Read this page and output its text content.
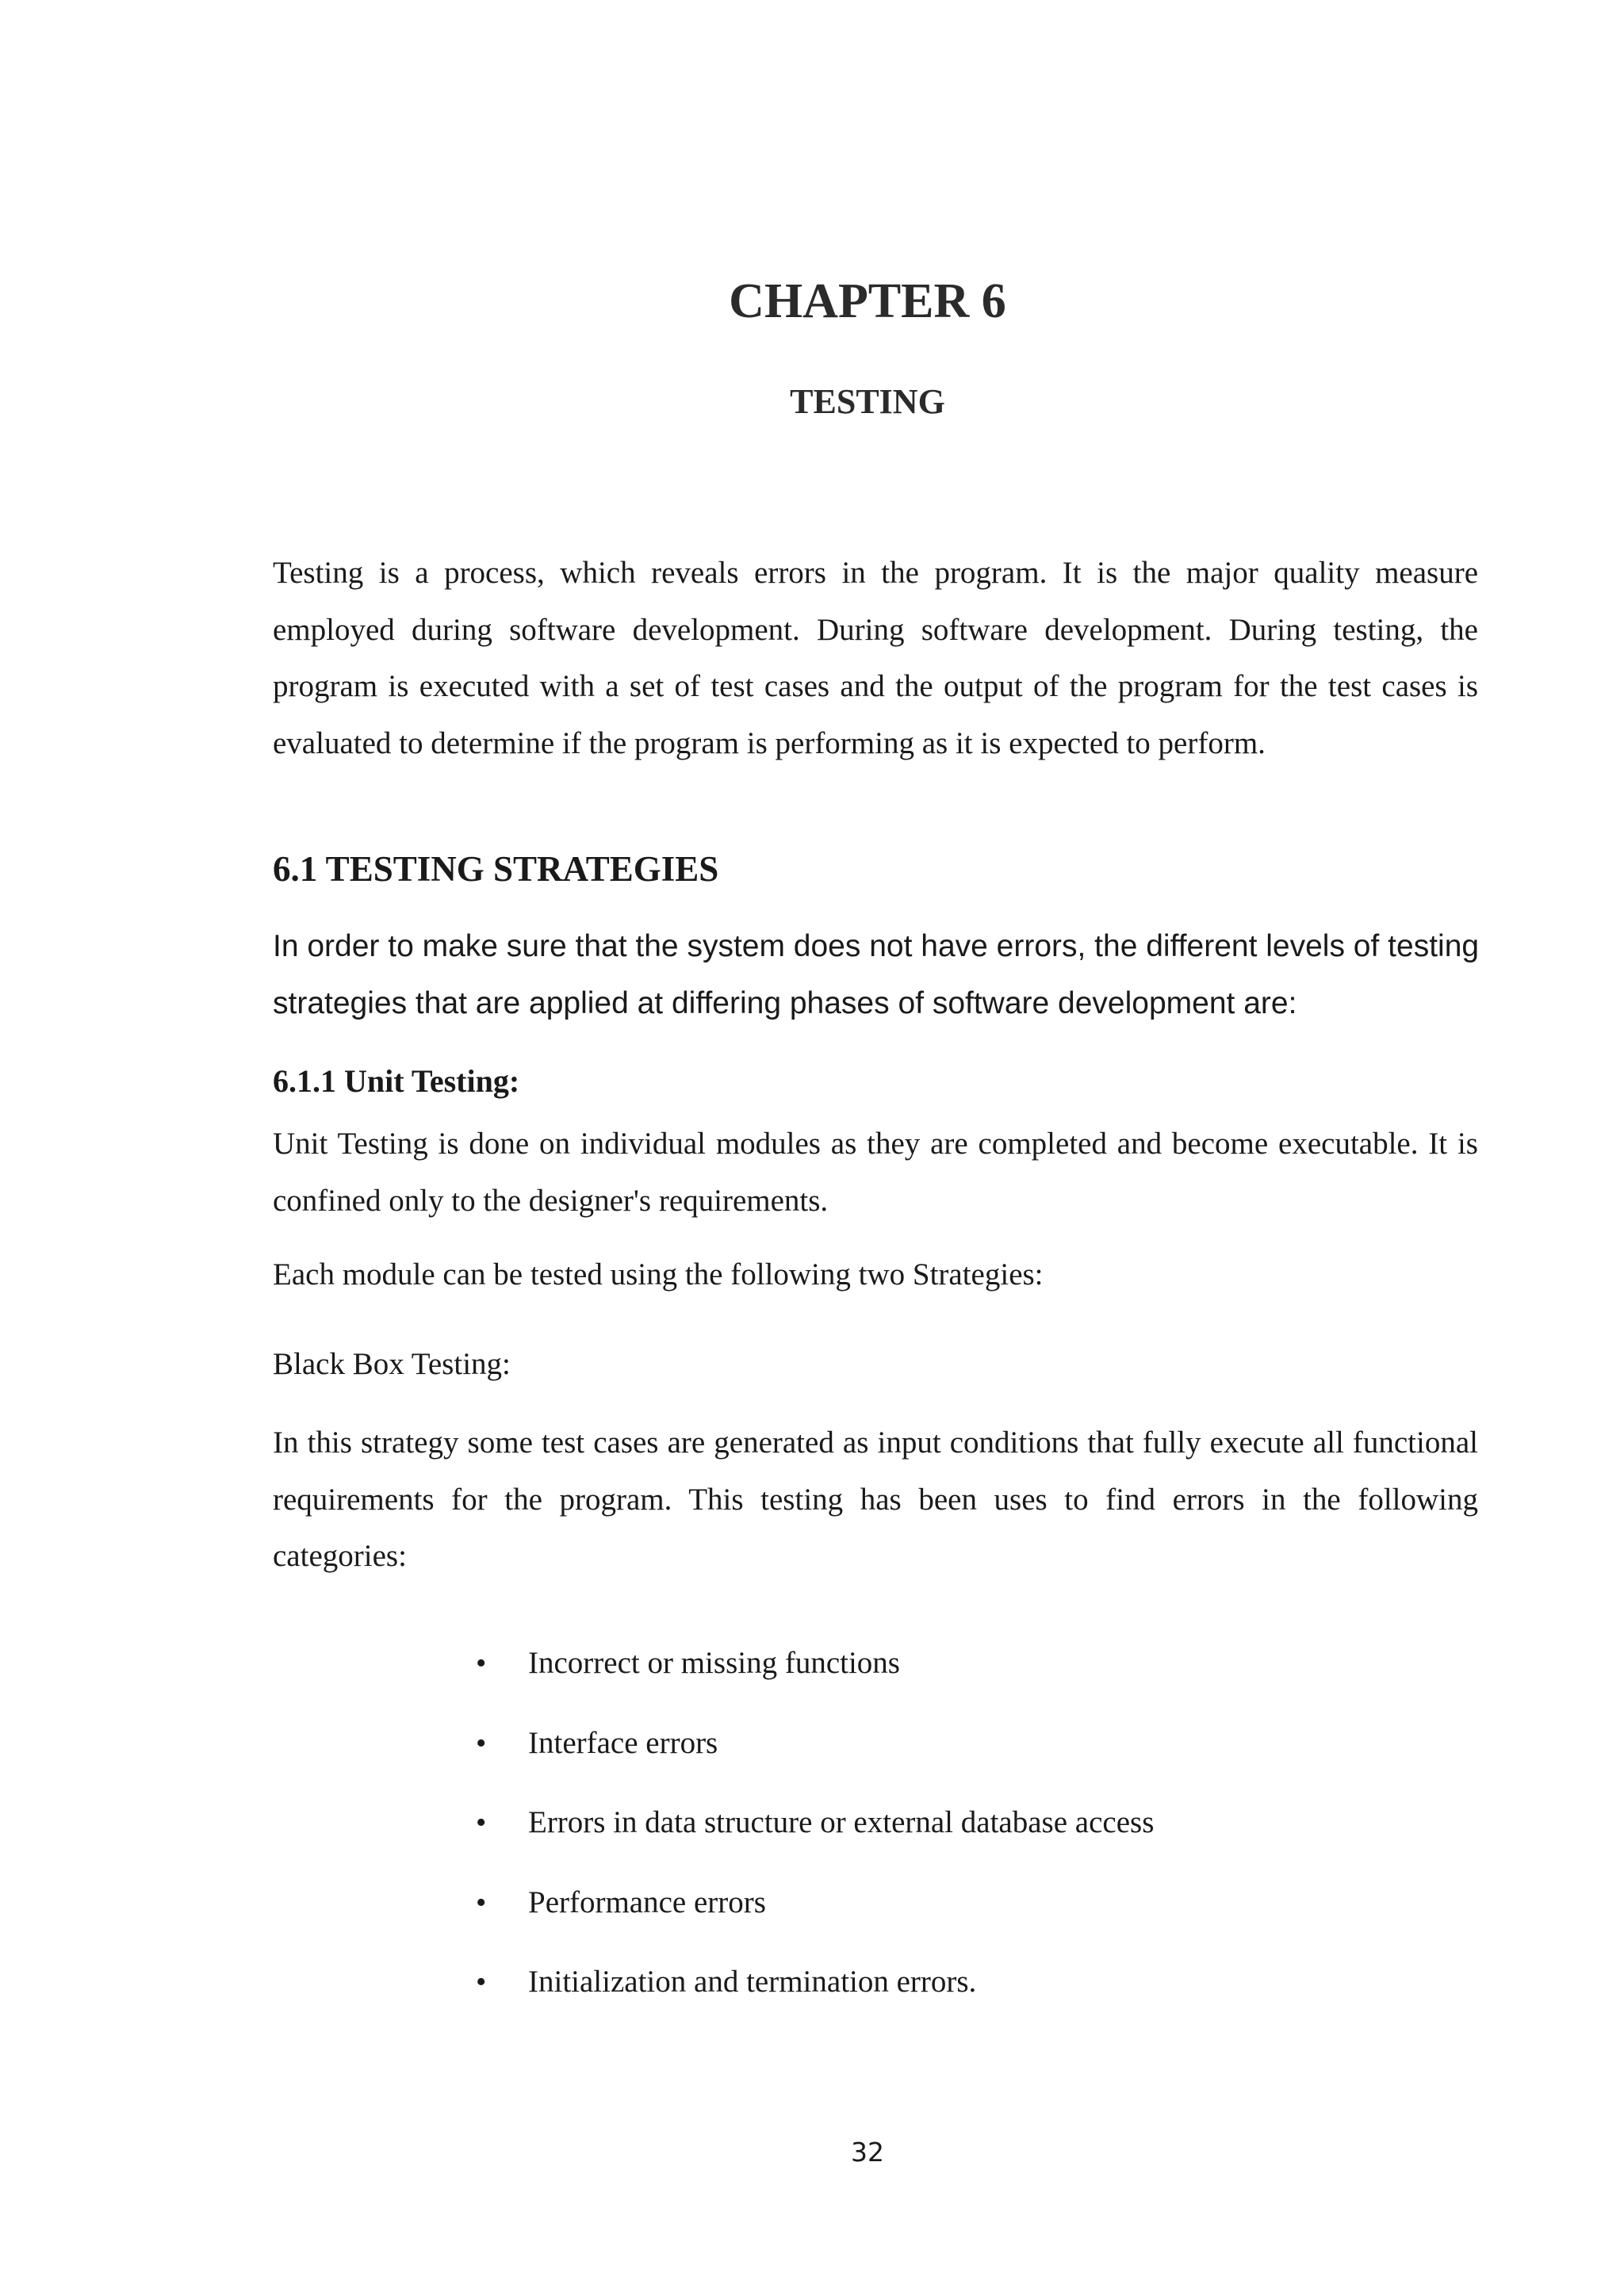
CHAPTER 6
TESTING

Testing is a process, which reveals errors in the program. It is the major quality measure employed during software development. During software development. During testing, the program is executed with a set of test cases and the output of the program for the test cases is evaluated to determine if the program is performing as it is expected to perform.

6.1 TESTING STRATEGIES

In order to make sure that the system does not have errors, the different levels of testing strategies that are applied at differing phases of software development are:

6.1.1 Unit Testing:

Unit Testing is done on individual modules as they are completed and become executable. It is confined only to the designer's requirements.

Each module can be tested using the following two Strategies:

Black Box Testing:

In this strategy some test cases are generated as input conditions that fully execute all functional requirements for the program. This testing has been uses to find errors in the following categories:

• Incorrect or missing functions
• Interface errors
• Errors in data structure or external database access
• Performance errors
• Initialization and termination errors.
32
